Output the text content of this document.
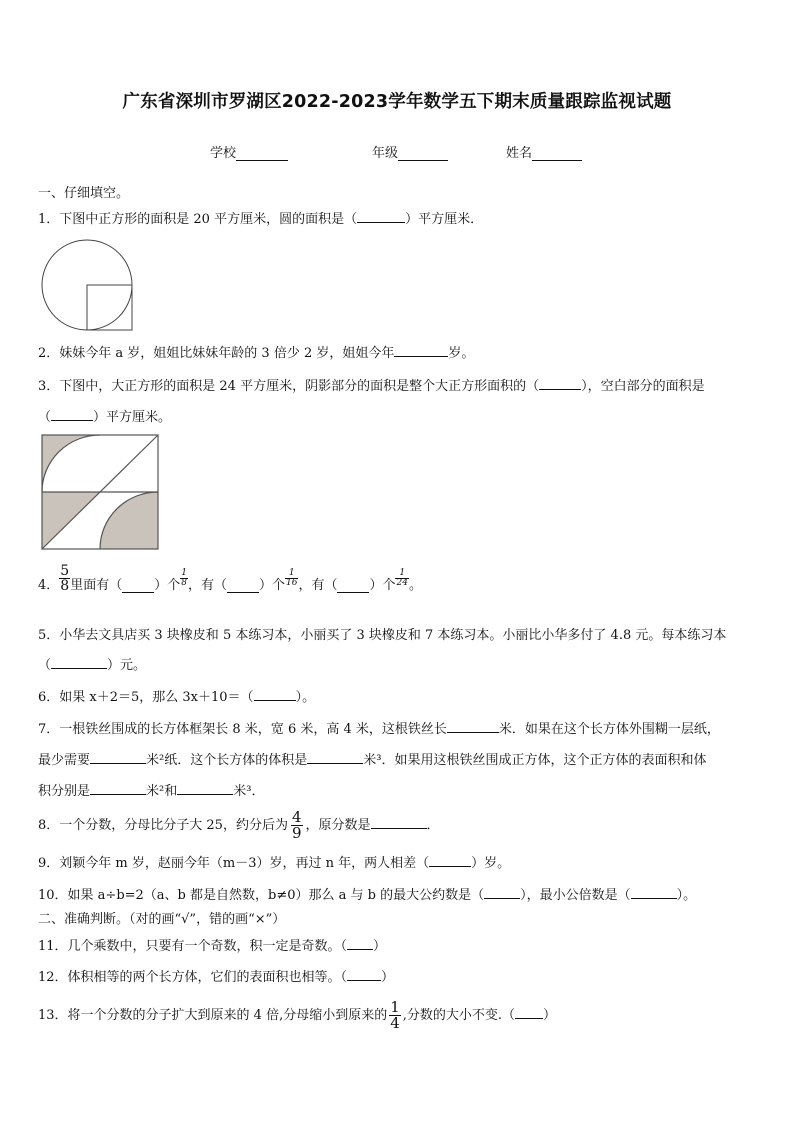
广东省深圳市罗湖区2022-2023学年数学五下期末质量跟踪监视试题
学校	年级	姓名
一、仔细填空。
1．下图中正方形的面积是 20 平方厘米，圆的面积是（	）平方厘米．
2．妹妹今年 a 岁，姐姐比妹妹年龄的 3 倍少 2 岁，姐姐今年	岁。
3．下图中，大正方形的面积是 24 平方厘米，阴影部分的面积是整个大正方形面积的（	），空白部分的面积是
（	）平方厘米。
4． $\frac{5}{8}$ 里面有（ ）个 $\frac{1}{8}$ ，有（ ）个 $\frac{1}{16}$ ，有（ ）个 $\frac{1}{24}$ 。
5．小华去文具店买 3 块橡皮和 5 本练习本，小丽买了 3 块橡皮和 7 本练习本。小丽比小华多付了 4.8 元。每本练习本
（	）元。
6．如果 x＋2＝5，那么 3x＋10＝（	）。
7．一根铁丝围成的长方体框架长 8 米，宽 6 米，高 4 米，这根铁丝长	米．如果在这个长方体外围糊一层纸，
最少需要	米²纸．这个长方体的体积是	米³．如果用这根铁丝围成正方体，这个正方体的表面积和体
积分别是	米²和	米³．
8．一个分数，分母比分子大 25，约分后为 $\frac{4}{9}$ ，原分数是	．
9．刘颖今年 m 岁，赵丽今年（m－3）岁，再过 n 年，两人相差（	）岁。
10．如果 a÷b=2（a、b 都是自然数，b≠0）那么 a 与 b 的最大公约数是（	），最小公倍数是（	）。
二、准确判断。（对的画“√”，错的画“×”）
11．几个乘数中，只要有一个奇数，积一定是奇数。（ ）
12．体积相等的两个长方体，它们的表面积也相等。（	）
13．将一个分数的分子扩大到原来的 4 倍,分母缩小到原来的 $\frac{1}{4}$ ,分数的大小不变.（ ）
